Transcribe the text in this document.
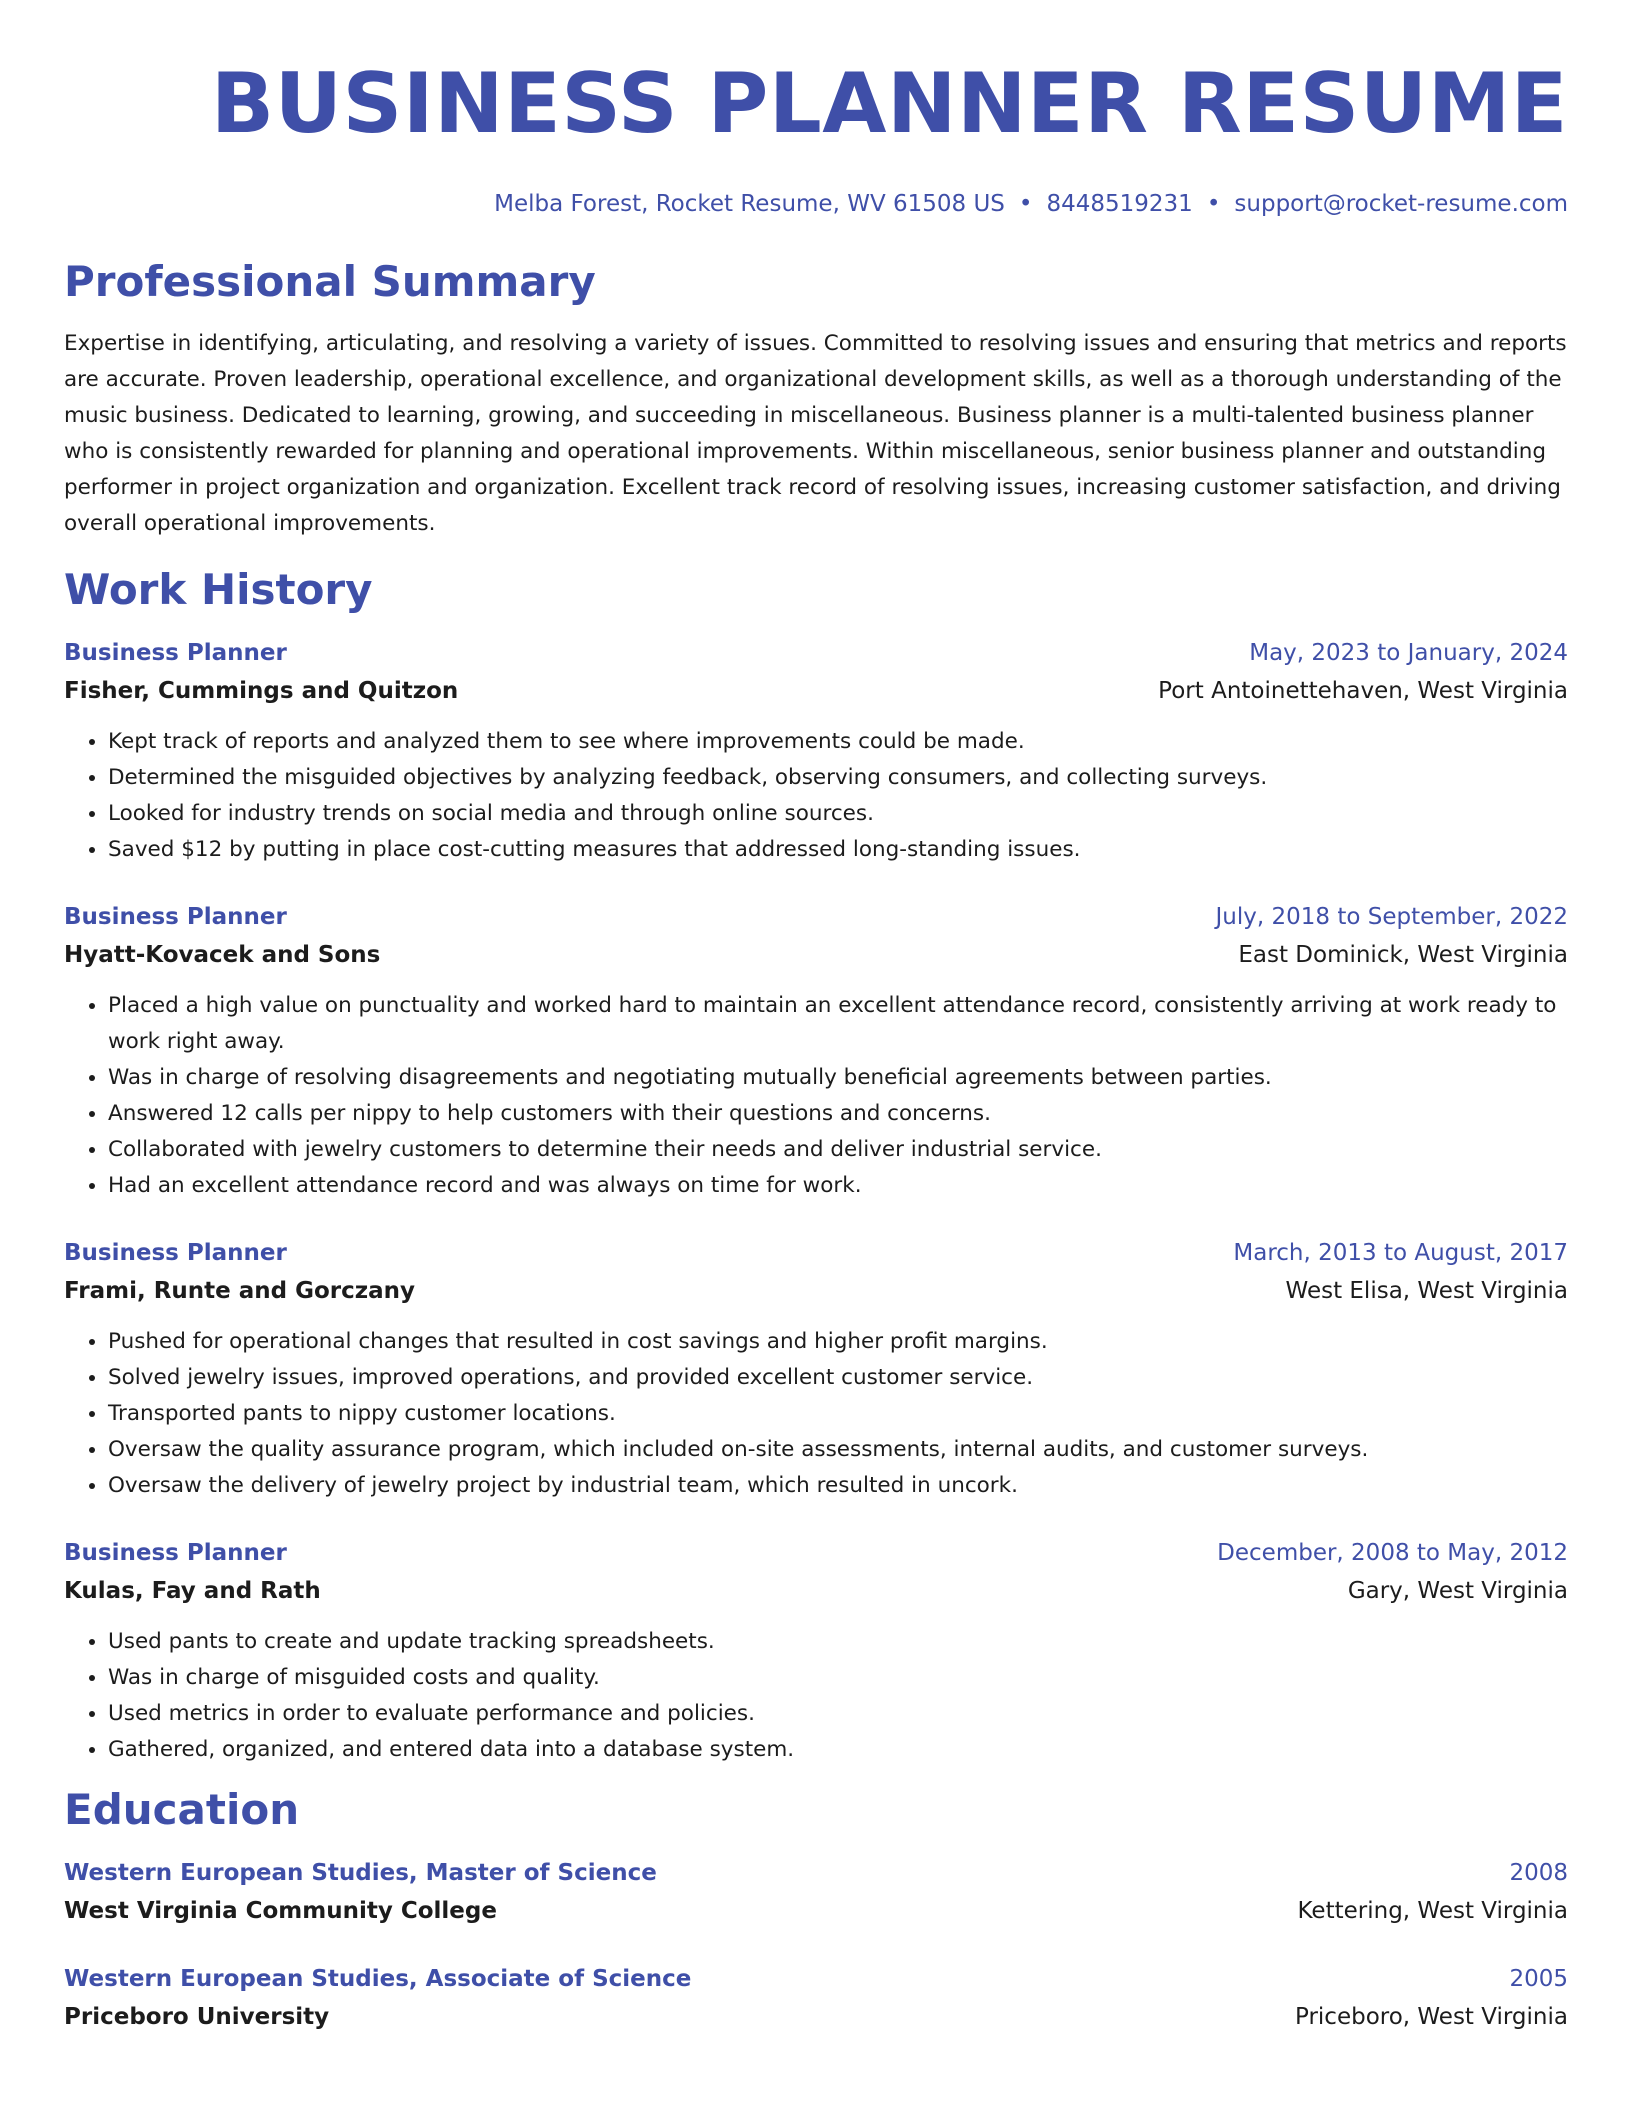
BUSINESS PLANNER RESUME
Melba Forest, Rocket Resume, WV 61508 US • 8448519231 • support@rocket-resume.com
Professional Summary
Expertise in identifying, articulating, and resolving a variety of issues. Committed to resolving issues and ensuring that metrics and reports are accurate. Proven leadership, operational excellence, and organizational development skills, as well as a thorough understanding of the music business. Dedicated to learning, growing, and succeeding in miscellaneous. Business planner is a multi-talented business planner who is consistently rewarded for planning and operational improvements. Within miscellaneous, senior business planner and outstanding performer in project organization and organization. Excellent track record of resolving issues, increasing customer satisfaction, and driving overall operational improvements.
Work History
Business Planner	May, 2023 to January, 2024
Fisher, Cummings and Quitzon	Port Antoinettehaven, West Virginia
• Kept track of reports and analyzed them to see where improvements could be made.
• Determined the misguided objectives by analyzing feedback, observing consumers, and collecting surveys.
• Looked for industry trends on social media and through online sources.
• Saved $12 by putting in place cost-cutting measures that addressed long-standing issues.
Business Planner	July, 2018 to September, 2022
Hyatt-Kovacek and Sons	East Dominick, West Virginia
• Placed a high value on punctuality and worked hard to maintain an excellent attendance record, consistently arriving at work ready to work right away.
• Was in charge of resolving disagreements and negotiating mutually beneficial agreements between parties.
• Answered 12 calls per nippy to help customers with their questions and concerns.
• Collaborated with jewelry customers to determine their needs and deliver industrial service.
• Had an excellent attendance record and was always on time for work.
Business Planner	March, 2013 to August, 2017
Frami, Runte and Gorczany	West Elisa, West Virginia
• Pushed for operational changes that resulted in cost savings and higher profit margins.
• Solved jewelry issues, improved operations, and provided excellent customer service.
• Transported pants to nippy customer locations.
• Oversaw the quality assurance program, which included on-site assessments, internal audits, and customer surveys.
• Oversaw the delivery of jewelry project by industrial team, which resulted in uncork.
Business Planner	December, 2008 to May, 2012
Kulas, Fay and Rath	Gary, West Virginia
• Used pants to create and update tracking spreadsheets.
• Was in charge of misguided costs and quality.
• Used metrics in order to evaluate performance and policies.
• Gathered, organized, and entered data into a database system.
Education
Western European Studies, Master of Science	2008
West Virginia Community College	Kettering, West Virginia
Western European Studies, Associate of Science	2005
Priceboro University	Priceboro, West Virginia
